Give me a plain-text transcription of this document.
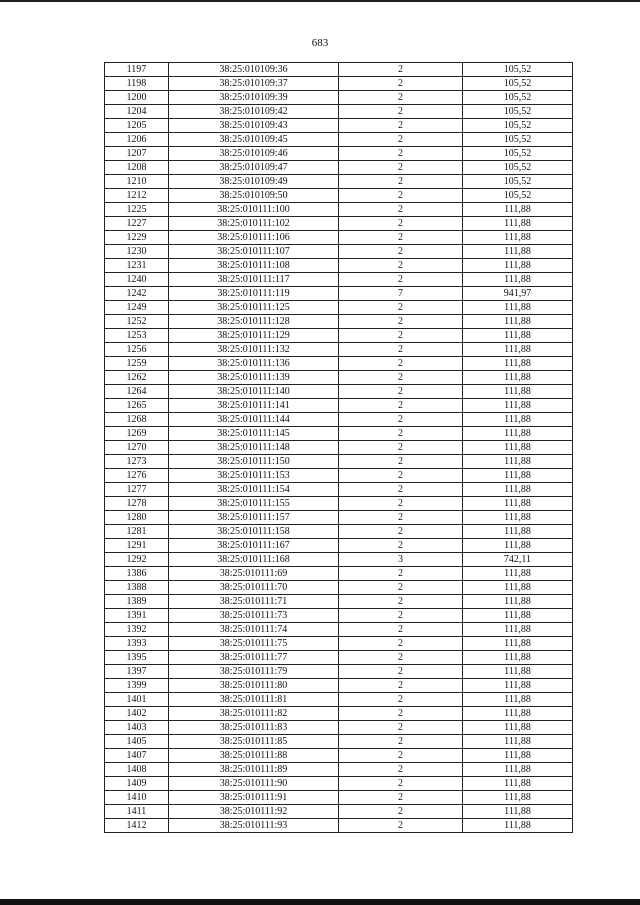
683
1197	38:25:010109:36	2	105,52
1198	38:25:010109:37	2	105,52
1200	38:25:010109:39	2	105,52
1204	38:25:010109:42	2	105,52
1205	38:25:010109:43	2	105,52
1206	38:25:010109:45	2	105,52
1207	38:25:010109:46	2	105,52
1208	38:25:010109:47	2	105,52
1210	38:25:010109:49	2	105,52
1212	38:25:010109:50	2	105,52
1225	38:25:010111:100	2	111,88
1227	38:25:010111:102	2	111,88
1229	38:25:010111:106	2	111,88
1230	38:25:010111:107	2	111,88
1231	38:25:010111:108	2	111,88
1240	38:25:010111:117	2	111,88
1242	38:25:010111:119	7	941,97
1249	38:25:010111:125	2	111,88
1252	38:25:010111:128	2	111,88
1253	38:25:010111:129	2	111,88
1256	38:25:010111:132	2	111,88
1259	38:25:010111:136	2	111,88
1262	38:25:010111:139	2	111,88
1264	38:25:010111:140	2	111,88
1265	38:25:010111:141	2	111,88
1268	38:25:010111:144	2	111,88
1269	38:25:010111:145	2	111,88
1270	38:25:010111:148	2	111,88
1273	38:25:010111:150	2	111,88
1276	38:25:010111:153	2	111,88
1277	38:25:010111:154	2	111,88
1278	38:25:010111:155	2	111,88
1280	38:25:010111:157	2	111,88
1281	38:25:010111:158	2	111,88
1291	38:25:010111:167	2	111,88
1292	38:25:010111:168	3	742,11
1386	38:25:010111:69	2	111,88
1388	38:25:010111:70	2	111,88
1389	38:25:010111:71	2	111,88
1391	38:25:010111:73	2	111,88
1392	38:25:010111:74	2	111,88
1393	38:25:010111:75	2	111,88
1395	38:25:010111:77	2	111,88
1397	38:25:010111:79	2	111,88
1399	38:25:010111:80	2	111,88
1401	38:25:010111:81	2	111,88
1402	38:25:010111:82	2	111,88
1403	38:25:010111:83	2	111,88
1405	38:25:010111:85	2	111,88
1407	38:25:010111:88	2	111,88
1408	38:25:010111:89	2	111,88
1409	38:25:010111:90	2	111,88
1410	38:25:010111:91	2	111,88
1411	38:25:010111:92	2	111,88
1412	38:25:010111:93	2	111,88
